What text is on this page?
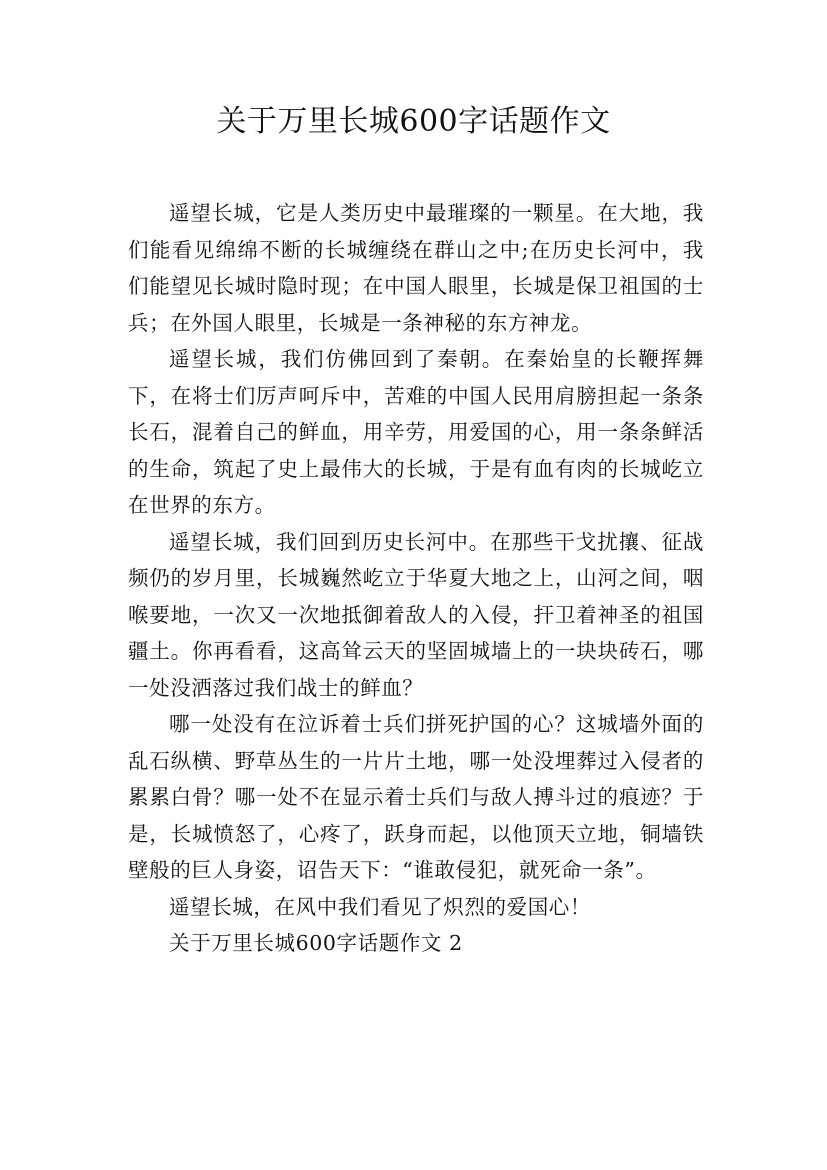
关于万里长城600字话题作文

遥望长城，它是人类历史中最璀璨的一颗星。在大地，我们能看见绵绵不断的长城缠绕在群山之中;在历史长河中，我们能望见长城时隐时现；在中国人眼里，长城是保卫祖国的士兵；在外国人眼里，长城是一条神秘的东方神龙。

遥望长城，我们仿佛回到了秦朝。在秦始皇的长鞭挥舞下，在将士们厉声呵斥中，苦难的中国人民用肩膀担起一条条长石，混着自己的鲜血，用辛劳，用爱国的心，用一条条鲜活的生命，筑起了史上最伟大的长城，于是有血有肉的长城屹立在世界的东方。

遥望长城，我们回到历史长河中。在那些干戈扰攘、征战频仍的岁月里，长城巍然屹立于华夏大地之上，山河之间，咽喉要地，一次又一次地抵御着敌人的入侵，扞卫着神圣的祖国疆土。你再看看，这高耸云天的坚固城墙上的一块块砖石，哪一处没洒落过我们战士的鲜血？

哪一处没有在泣诉着士兵们拼死护国的心？这城墙外面的乱石纵横、野草丛生的一片片土地，哪一处没埋葬过入侵者的累累白骨？哪一处不在显示着士兵们与敌人搏斗过的痕迹？于是，长城愤怒了，心疼了，跃身而起，以他顶天立地，铜墙铁壁般的巨人身姿，诏告天下：“谁敢侵犯，就死命一条”。

遥望长城，在风中我们看见了炽烈的爱国心！

关于万里长城600字话题作文 2
